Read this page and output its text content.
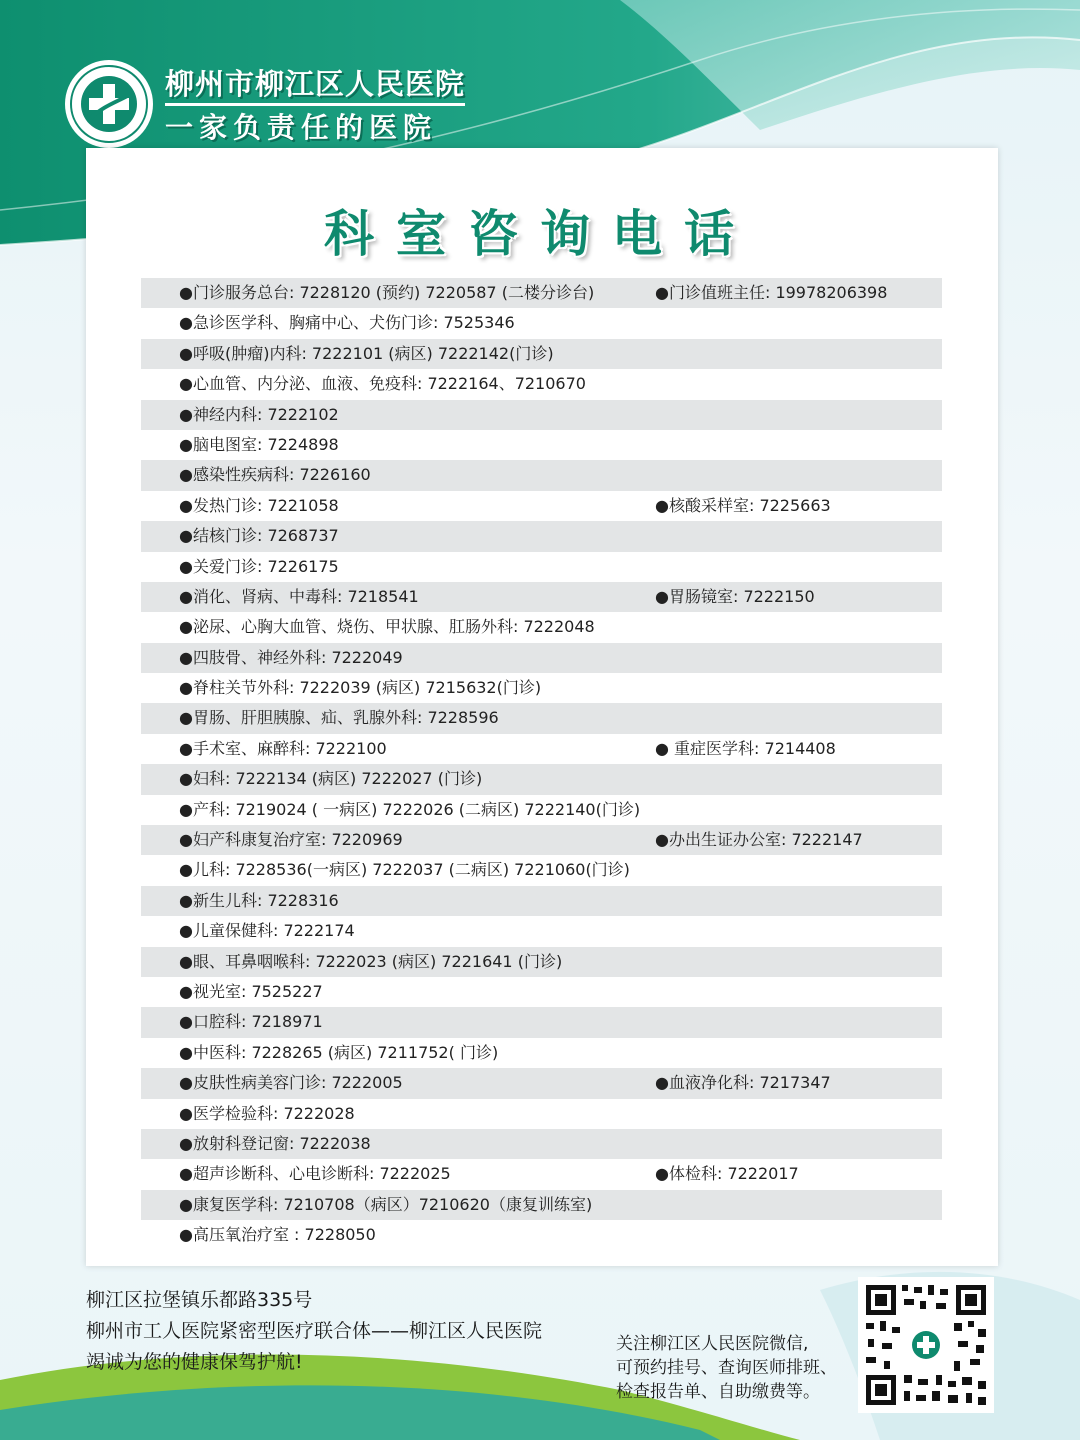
柳州市柳江区人民医院
一家负责任的医院
科室咨询电话
●门诊服务总台: 7228120 (预约) 7220587 (二楼分诊台)	●门诊值班主任: 19978206398
●急诊医学科、胸痛中心、犬伤门诊: 7525346
●呼吸(肿瘤)内科: 7222101 (病区) 7222142(门诊)
●心血管、内分泌、血液、免疫科: 7222164、7210670
●神经内科: 7222102
●脑电图室: 7224898
●感染性疾病科: 7226160
●发热门诊: 7221058	●核酸采样室: 7225663
●结核门诊: 7268737
●关爱门诊: 7226175
●消化、肾病、中毒科: 7218541	●胃肠镜室: 7222150
●泌尿、心胸大血管、烧伤、甲状腺、肛肠外科: 7222048
●四肢骨、神经外科: 7222049
●脊柱关节外科: 7222039 (病区) 7215632(门诊)
●胃肠、肝胆胰腺、疝、乳腺外科: 7228596
●手术室、麻醉科: 7222100	● 重症医学科: 7214408
●妇科: 7222134 (病区) 7222027 (门诊)
●产科: 7219024 ( 一病区) 7222026 (二病区) 7222140(门诊)
●妇产科康复治疗室: 7220969	●办出生证办公室: 7222147
●儿科: 7228536(一病区) 7222037 (二病区) 7221060(门诊)
●新生儿科: 7228316
●儿童保健科: 7222174
●眼、耳鼻咽喉科: 7222023 (病区) 7221641 (门诊)
●视光室: 7525227
●口腔科: 7218971
●中医科: 7228265 (病区) 7211752( 门诊)
●皮肤性病美容门诊: 7222005	●血液净化科: 7217347
●医学检验科: 7222028
●放射科登记窗: 7222038
●超声诊断科、心电诊断科: 7222025	●体检科: 7222017
●康复医学科: 7210708（病区）7210620（康复训练室)
●高压氧治疗室 : 7228050
柳江区拉堡镇乐都路335号
柳州市工人医院紧密型医疗联合体——柳江区人民医院
竭诚为您的健康保驾护航!
关注柳江区人民医院微信,
可预约挂号、查询医师排班、
检查报告单、自助缴费等。
